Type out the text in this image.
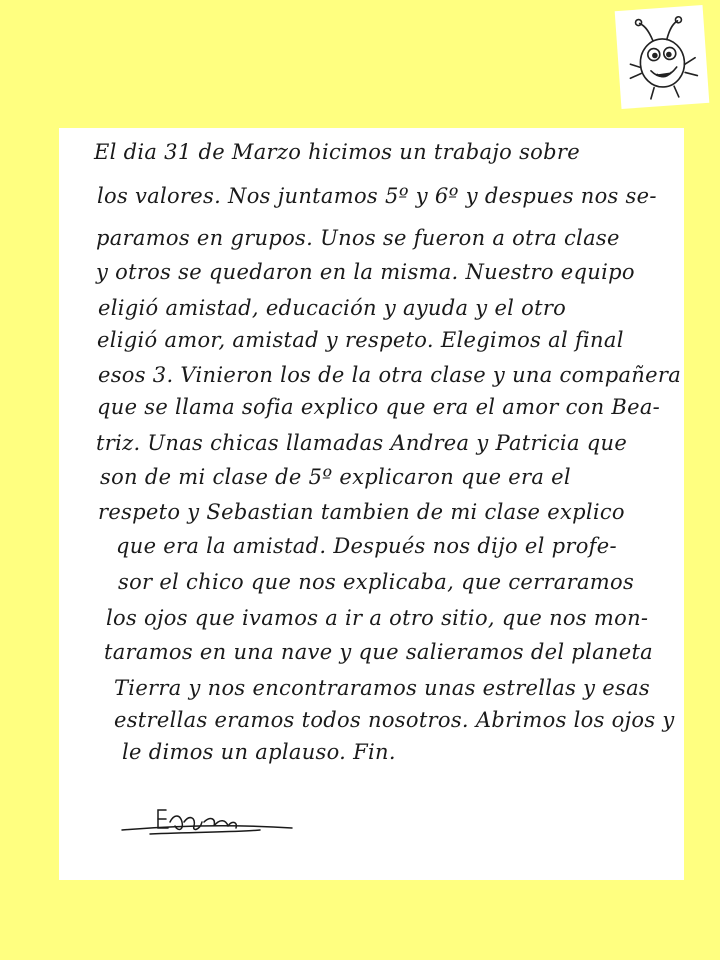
El dia 31 de Marzo hicimos un trabajo sobre
los valores. Nos juntamos 5º y 6º y despues nos se-
paramos en grupos. Unos se fueron a otra clase
y otros se quedaron en la misma. Nuestro equipo
eligió amistad, educación y ayuda y el otro
eligió amor, amistad y respeto. Elegimos al final
esos 3. Vinieron los de la otra clase y una compañera
que se llama sofia explico que era el amor con Bea-
triz. Unas chicas llamadas Andrea y Patricia que
son de mi clase de 5º explicaron que era el
respeto y Sebastian tambien de mi clase explico
que era la amistad. Después nos dijo el profe-
sor el chico que nos explicaba, que cerraramos
los ojos que ivamos a ir a otro sitio, que nos mon-
taramos en una nave y que salieramos del planeta
Tierra y nos encontraramos unas estrellas y esas
estrellas eramos todos nosotros. Abrimos los ojos y
le dimos un aplauso. Fin.
